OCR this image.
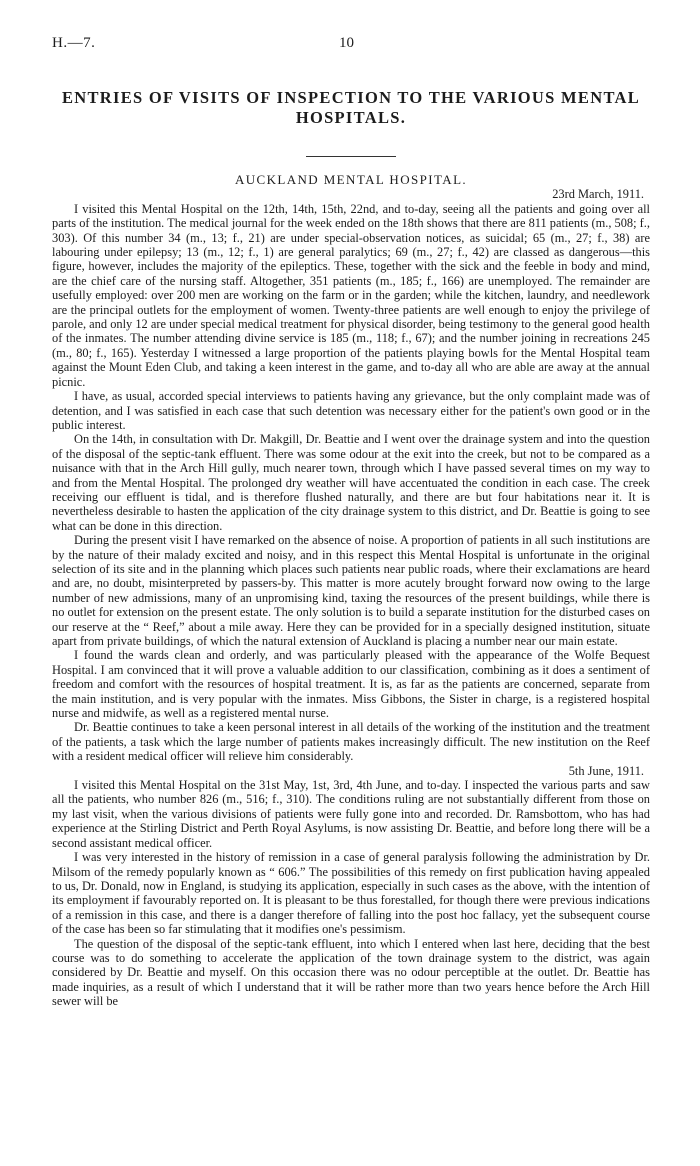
H.—7.	10
ENTRIES OF VISITS OF INSPECTION TO THE VARIOUS MENTAL HOSPITALS.
AUCKLAND MENTAL HOSPITAL.
23rd March, 1911.

I visited this Mental Hospital on the 12th, 14th, 15th, 22nd, and to-day, seeing all the patients and going over all parts of the institution. The medical journal for the week ended on the 18th shows that there are 811 patients (m., 508; f., 303). Of this number 34 (m., 13; f., 21) are under special-observation notices, as suicidal; 65 (m., 27; f., 38) are labouring under epilepsy; 13 (m., 12; f., 1) are general paralytics; 69 (m., 27; f., 42) are classed as dangerous—this figure, however, includes the majority of the epileptics. These, together with the sick and the feeble in body and mind, are the chief care of the nursing staff. Altogether, 351 patients (m., 185; f., 166) are unemployed. The remainder are usefully employed: over 200 men are working on the farm or in the garden; while the kitchen, laundry, and needlework are the principal outlets for the employment of women. Twenty-three patients are well enough to enjoy the privilege of parole, and only 12 are under special medical treatment for physical disorder, being testimony to the general good health of the inmates. The number attending divine service is 185 (m., 118; f., 67); and the number joining in recreations 245 (m., 80; f., 165). Yesterday I witnessed a large proportion of the patients playing bowls for the Mental Hospital team against the Mount Eden Club, and taking a keen interest in the game, and to-day all who are able are away at the annual picnic.

I have, as usual, accorded special interviews to patients having any grievance, but the only complaint made was of detention, and I was satisfied in each case that such detention was necessary either for the patient's own good or in the public interest.

On the 14th, in consultation with Dr. Makgill, Dr. Beattie and I went over the drainage system and into the question of the disposal of the septic-tank effluent. There was some odour at the exit into the creek, but not to be compared as a nuisance with that in the Arch Hill gully, much nearer town, through which I have passed several times on my way to and from the Mental Hospital. The prolonged dry weather will have accentuated the condition in each case. The creek receiving our effluent is tidal, and is therefore flushed naturally, and there are but four habitations near it. It is nevertheless desirable to hasten the application of the city drainage system to this district, and Dr. Beattie is going to see what can be done in this direction.

During the present visit I have remarked on the absence of noise. A proportion of patients in all such institutions are by the nature of their malady excited and noisy, and in this respect this Mental Hospital is unfortunate in the original selection of its site and in the planning which places such patients near public roads, where their exclamations are heard and are, no doubt, misinterpreted by passers-by. This matter is more acutely brought forward now owing to the large number of new admissions, many of an unpromising kind, taxing the resources of the present buildings, while there is no outlet for extension on the present estate. The only solution is to build a separate institution for the disturbed cases on our reserve at the “ Reef,” about a mile away. Here they can be provided for in a specially designed institution, situate apart from private buildings, of which the natural extension of Auckland is placing a number near our main estate.

I found the wards clean and orderly, and was particularly pleased with the appearance of the Wolfe Bequest Hospital. I am convinced that it will prove a valuable addition to our classification, combining as it does a sentiment of freedom and comfort with the resources of hospital treatment. It is, as far as the patients are concerned, separate from the main institution, and is very popular with the inmates. Miss Gibbons, the Sister in charge, is a registered hospital nurse and midwife, as well as a registered mental nurse.

Dr. Beattie continues to take a keen personal interest in all details of the working of the institution and the treatment of the patients, a task which the large number of patients makes increasingly difficult. The new institution on the Reef with a resident medical officer will relieve him considerably.

5th June, 1911.

I visited this Mental Hospital on the 31st May, 1st, 3rd, 4th June, and to-day. I inspected the various parts and saw all the patients, who number 826 (m., 516; f., 310). The conditions ruling are not substantially different from those on my last visit, when the various divisions of patients were fully gone into and recorded. Dr. Ramsbottom, who has had experience at the Stirling District and Perth Royal Asylums, is now assisting Dr. Beattie, and before long there will be a second assistant medical officer.

I was very interested in the history of remission in a case of general paralysis following the administration by Dr. Milsom of the remedy popularly known as “ 606.” The possibilities of this remedy on first publication having appealed to us, Dr. Donald, now in England, is studying its application, especially in such cases as the above, with the intention of its employment if favourably reported on. It is pleasant to be thus forestalled, for though there were previous indications of a remission in this case, and there is a danger therefore of falling into the post hoc fallacy, yet the subsequent course of the case has been so far stimulating that it modifies one's pessimism.

The question of the disposal of the septic-tank effluent, into which I entered when last here, deciding that the best course was to do something to accelerate the application of the town drainage system to the district, was again considered by Dr. Beattie and myself. On this occasion there was no odour perceptible at the outlet. Dr. Beattie has made inquiries, as a result of which I understand that it will be rather more than two years hence before the Arch Hill sewer will be
